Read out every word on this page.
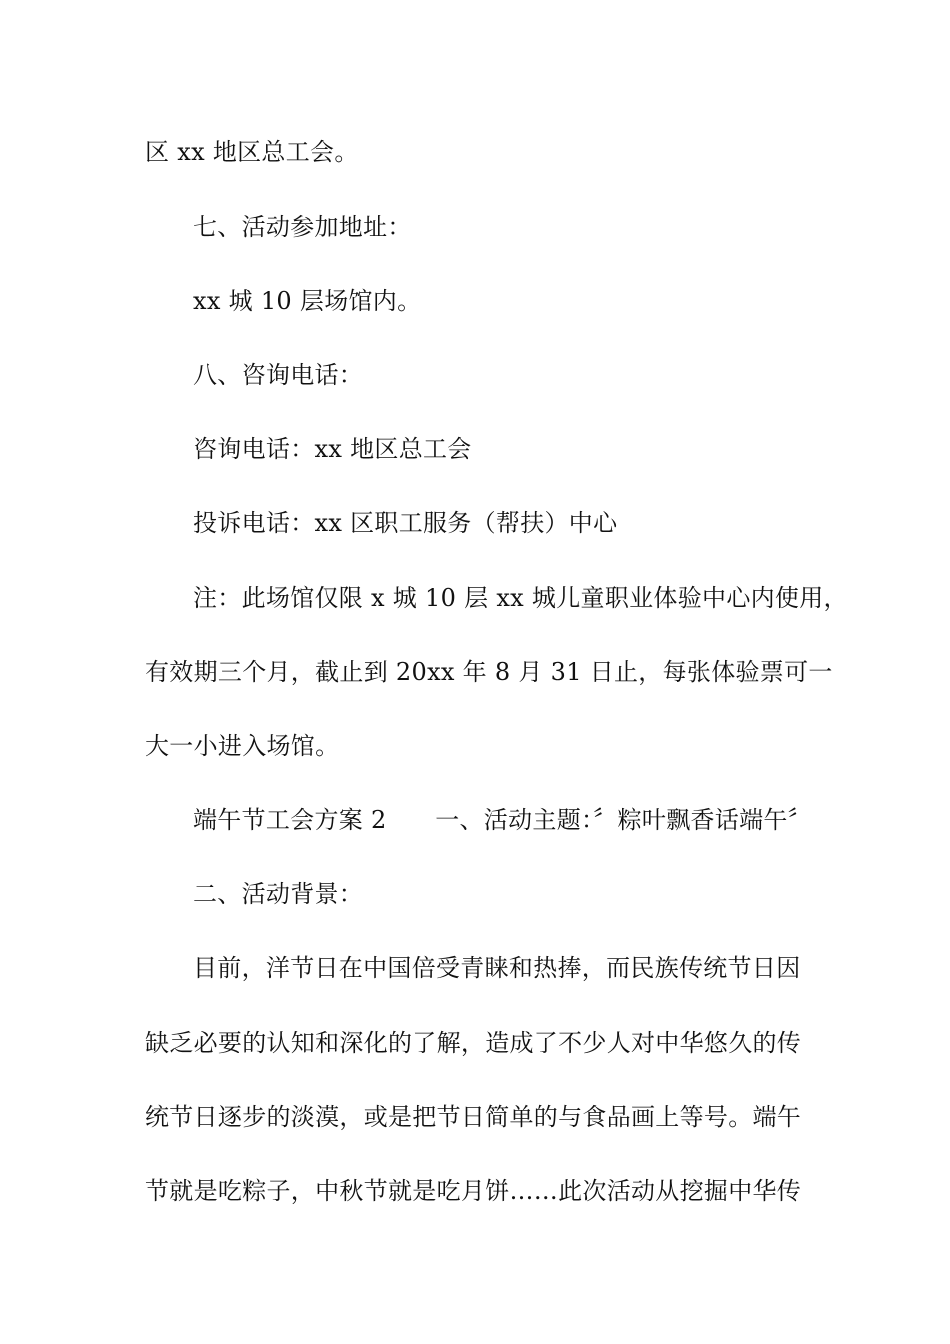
区 xx 地区总工会。
七、活动参加地址：
xx 城 10 层场馆内。
八、咨询电话：
咨询电话：xx 地区总工会
投诉电话：xx 区职工服务（帮扶）中心
注：此场馆仅限 x 城 10 层 xx 城儿童职业体验中心内使用，
有效期三个月，截止到 20xx 年 8 月 31 日止，每张体验票可一
大一小进入场馆。
端午节工会方案 2　　一、活动主题：〞粽叶飘香话端午〞
二、活动背景：
目前，洋节日在中国倍受青睐和热捧，而民族传统节日因
缺乏必要的认知和深化的了解，造成了不少人对中华悠久的传
统节日逐步的淡漠，或是把节日简单的与食品画上等号。端午
节就是吃粽子，中秋节就是吃月饼……此次活动从挖掘中华传
